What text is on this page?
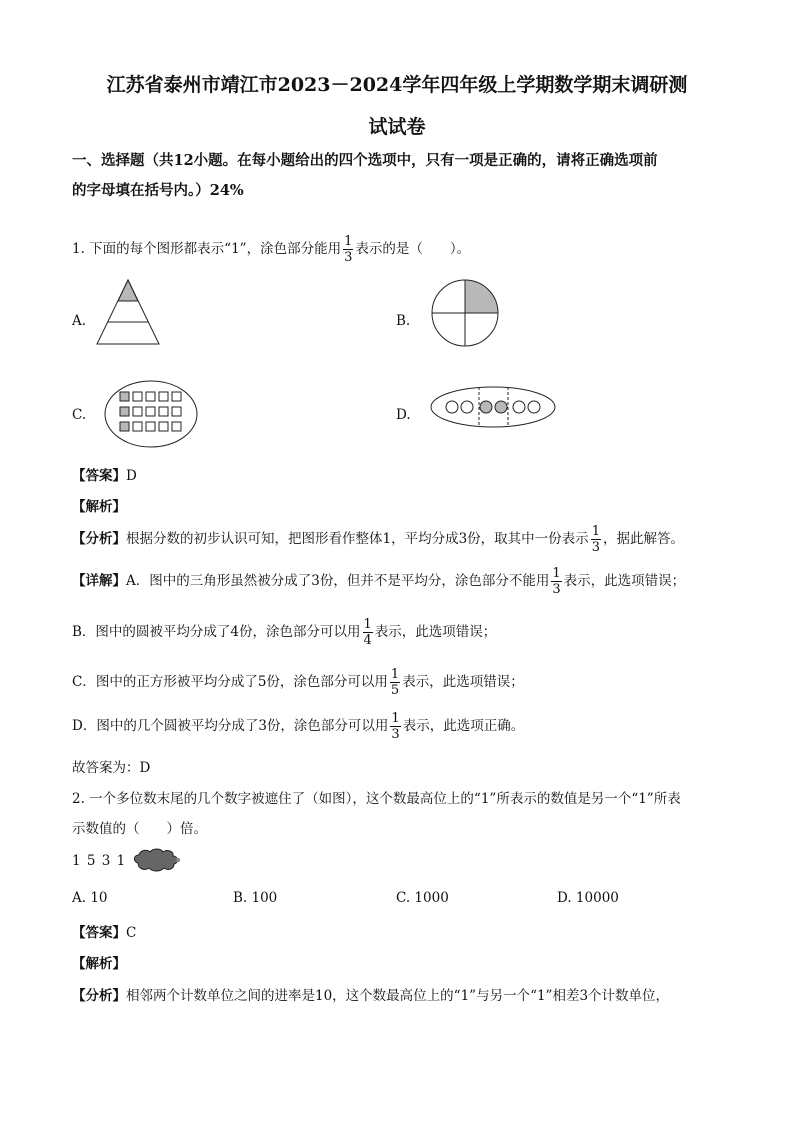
江苏省泰州市靖江市2023－2024学年四年级上学期数学期末调研测
试试卷
一、选择题（共12小题。在每小题给出的四个选项中，只有一项是正确的，请将正确选项前
的字母填在括号内。）24%
1. 下面的每个图形都表示“1”，涂色部分能用 $\frac{1}{3}$ 表示的是（　　）。
A.	B.
C.	D.
【答案】D
【解析】
【分析】根据分数的初步认识可知，把图形看作整体1，平均分成3份，取其中一份表示 $\frac{1}{3}$ ，据此解答。
【详解】A．图中的三角形虽然被分成了3份，但并不是平均分，涂色部分不能用 $\frac{1}{3}$ 表示，此选项错误；
B．图中的圆被平均分成了4份，涂色部分可以用 $\frac{1}{4}$ 表示，此选项错误；
C．图中的正方形被平均分成了5份，涂色部分可以用 $\frac{1}{5}$ 表示，此选项错误；
D．图中的几个圆被平均分成了3份，涂色部分可以用 $\frac{1}{3}$ 表示，此选项正确。
故答案为：D
2. 一个多位数末尾的几个数字被遮住了（如图），这个数最高位上的“1”所表示的数值是另一个“1”所表
示数值的（　　）倍。
1 5 3 1
A. 10	B. 100	C. 1000	D. 10000
【答案】C
【解析】
【分析】相邻两个计数单位之间的进率是10，这个数最高位上的“1”与另一个“1”相差3个计数单位，
